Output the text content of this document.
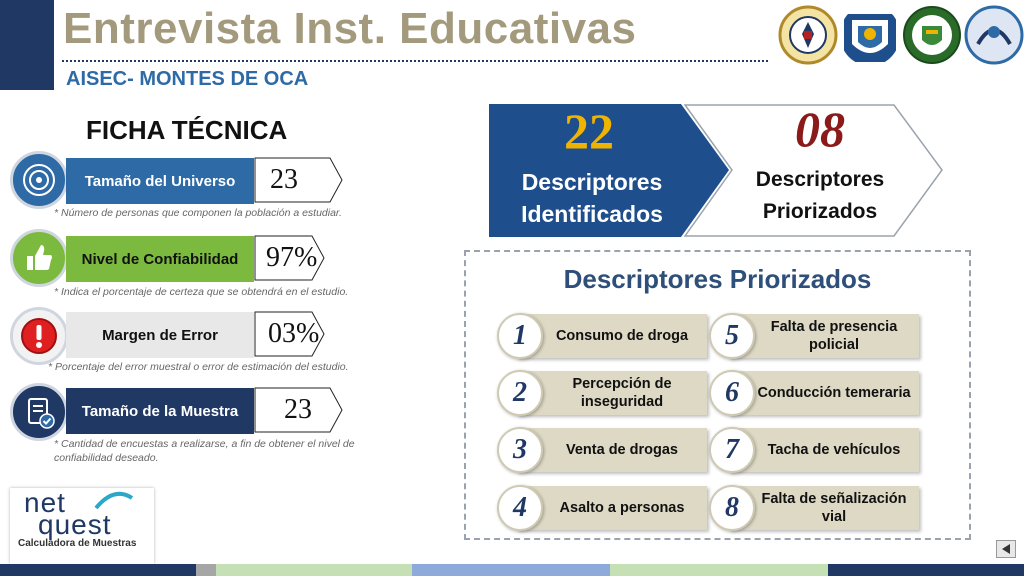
Entrevista Inst. Educativas
AISEC- MONTES DE OCA
FICHA TÉCNICA
Tamaño del Universo	23
* Número de personas que componen la población a estudiar.
Nivel de Confiabilidad 97%
* Indica el porcentaje de certeza que se obtendrá en el estudio.
Margen de Error	03%
* Porcentaje del error muestral o error de estimación del estudio.
Tamaño de la Muestra	23
* Cantidad de encuestas a realizarse, a fin de obtener el nivel de confiabilidad deseado.
22
Descriptores
Identificados
08
Descriptores
Priorizados
Descriptores Priorizados
Consumo de droga
1
Percepción de inseguridad
2
Venta de drogas
3
Asalto a personas
4
Falta de presencia policial
5
Conducción temeraria
6
Tacha de vehículos
7
Falta de señalización vial
8
net
quest
Calculadora de Muestras
